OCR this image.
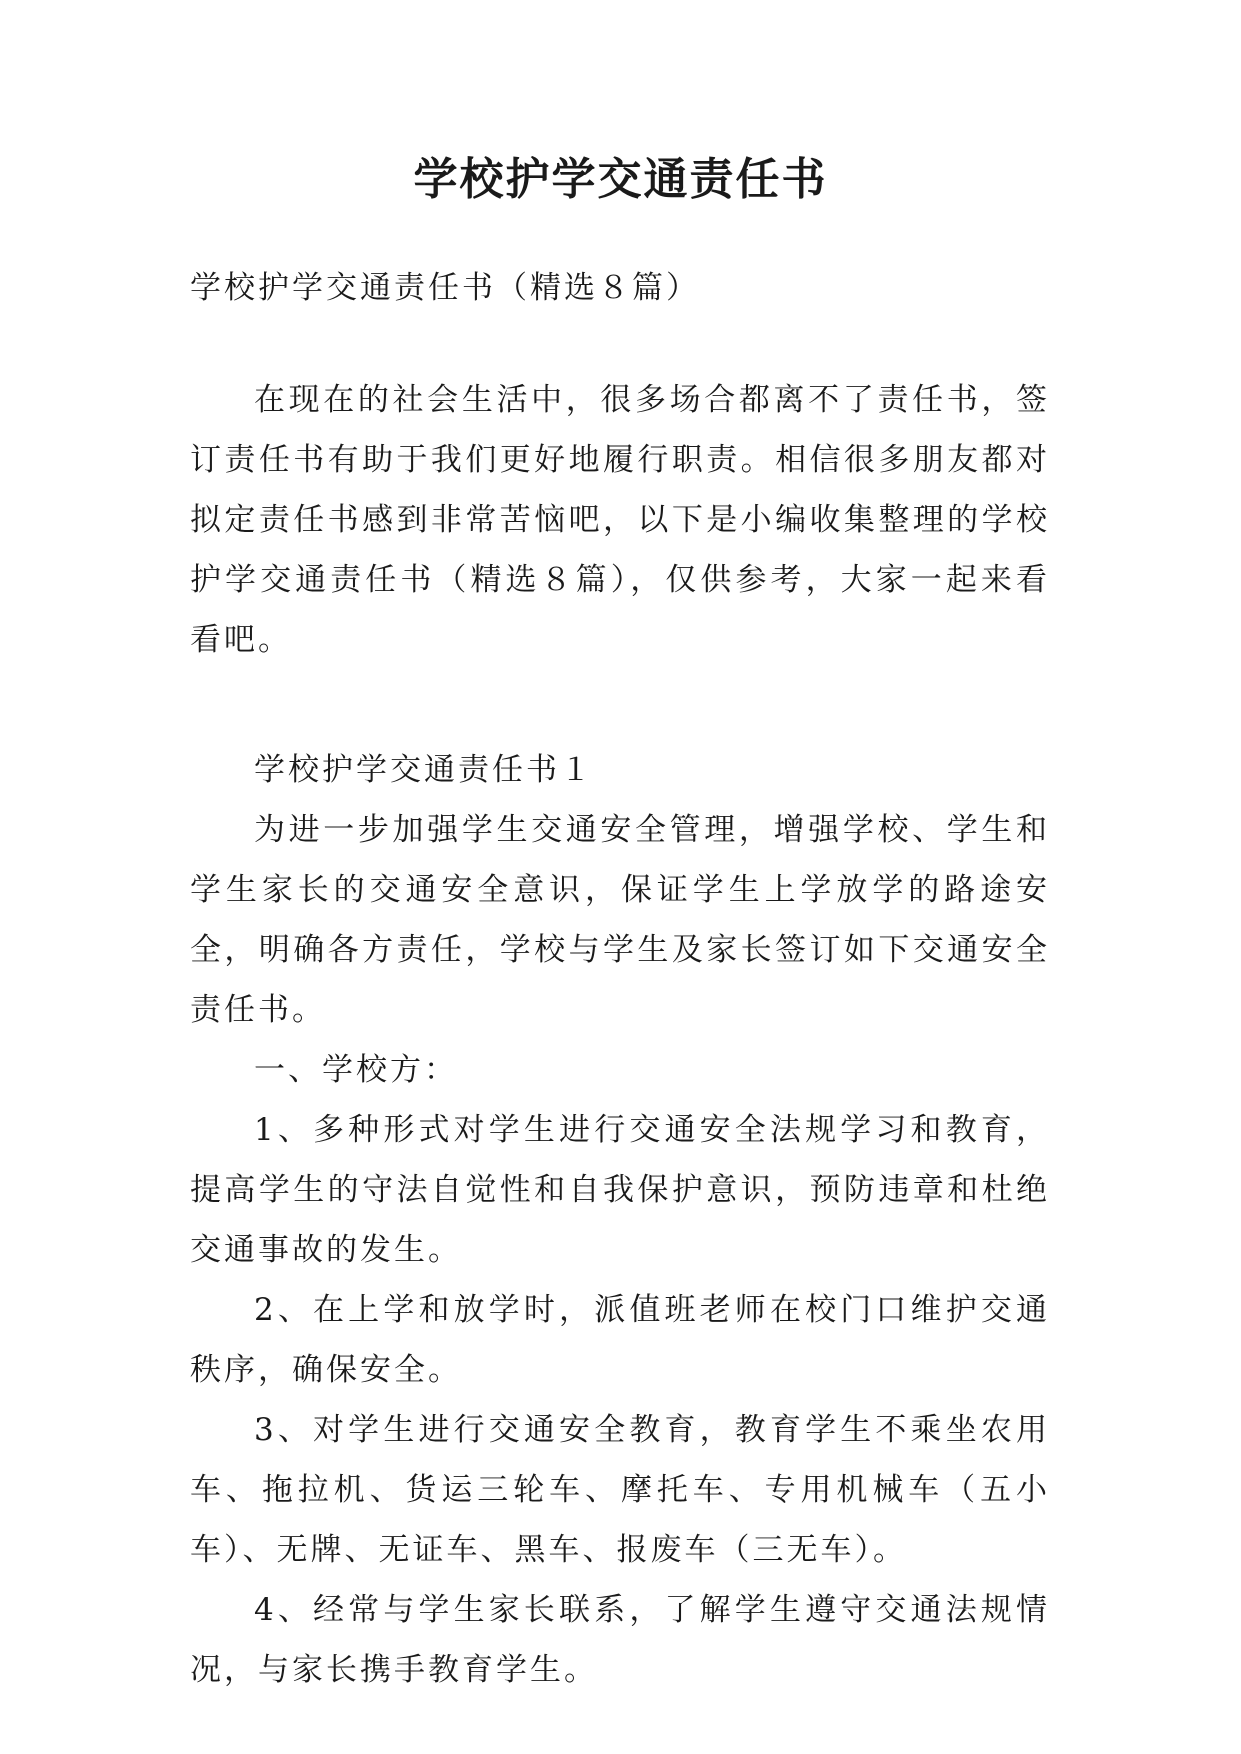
学校护学交通责任书

学校护学交通责任书（精选８篇）

在现在的社会生活中，很多场合都离不了责任书，签订责任书有助于我们更好地履行职责。相信很多朋友都对拟定责任书感到非常苦恼吧，以下是小编收集整理的学校护学交通责任书（精选８篇），仅供参考，大家一起来看看吧。

学校护学交通责任书１

为进一步加强学生交通安全管理，增强学校、学生和学生家长的交通安全意识，保证学生上学放学的路途安全，明确各方责任，学校与学生及家长签订如下交通安全责任书。

一、学校方：

1、多种形式对学生进行交通安全法规学习和教育，提高学生的守法自觉性和自我保护意识，预防违章和杜绝交通事故的发生。

2、在上学和放学时，派值班老师在校门口维护交通秩序，确保安全。

3、对学生进行交通安全教育，教育学生不乘坐农用车、拖拉机、货运三轮车、摩托车、专用机械车（五小车）、无牌、无证车、黑车、报废车（三无车）。

4、经常与学生家长联系，了解学生遵守交通法规情况，与家长携手教育学生。
